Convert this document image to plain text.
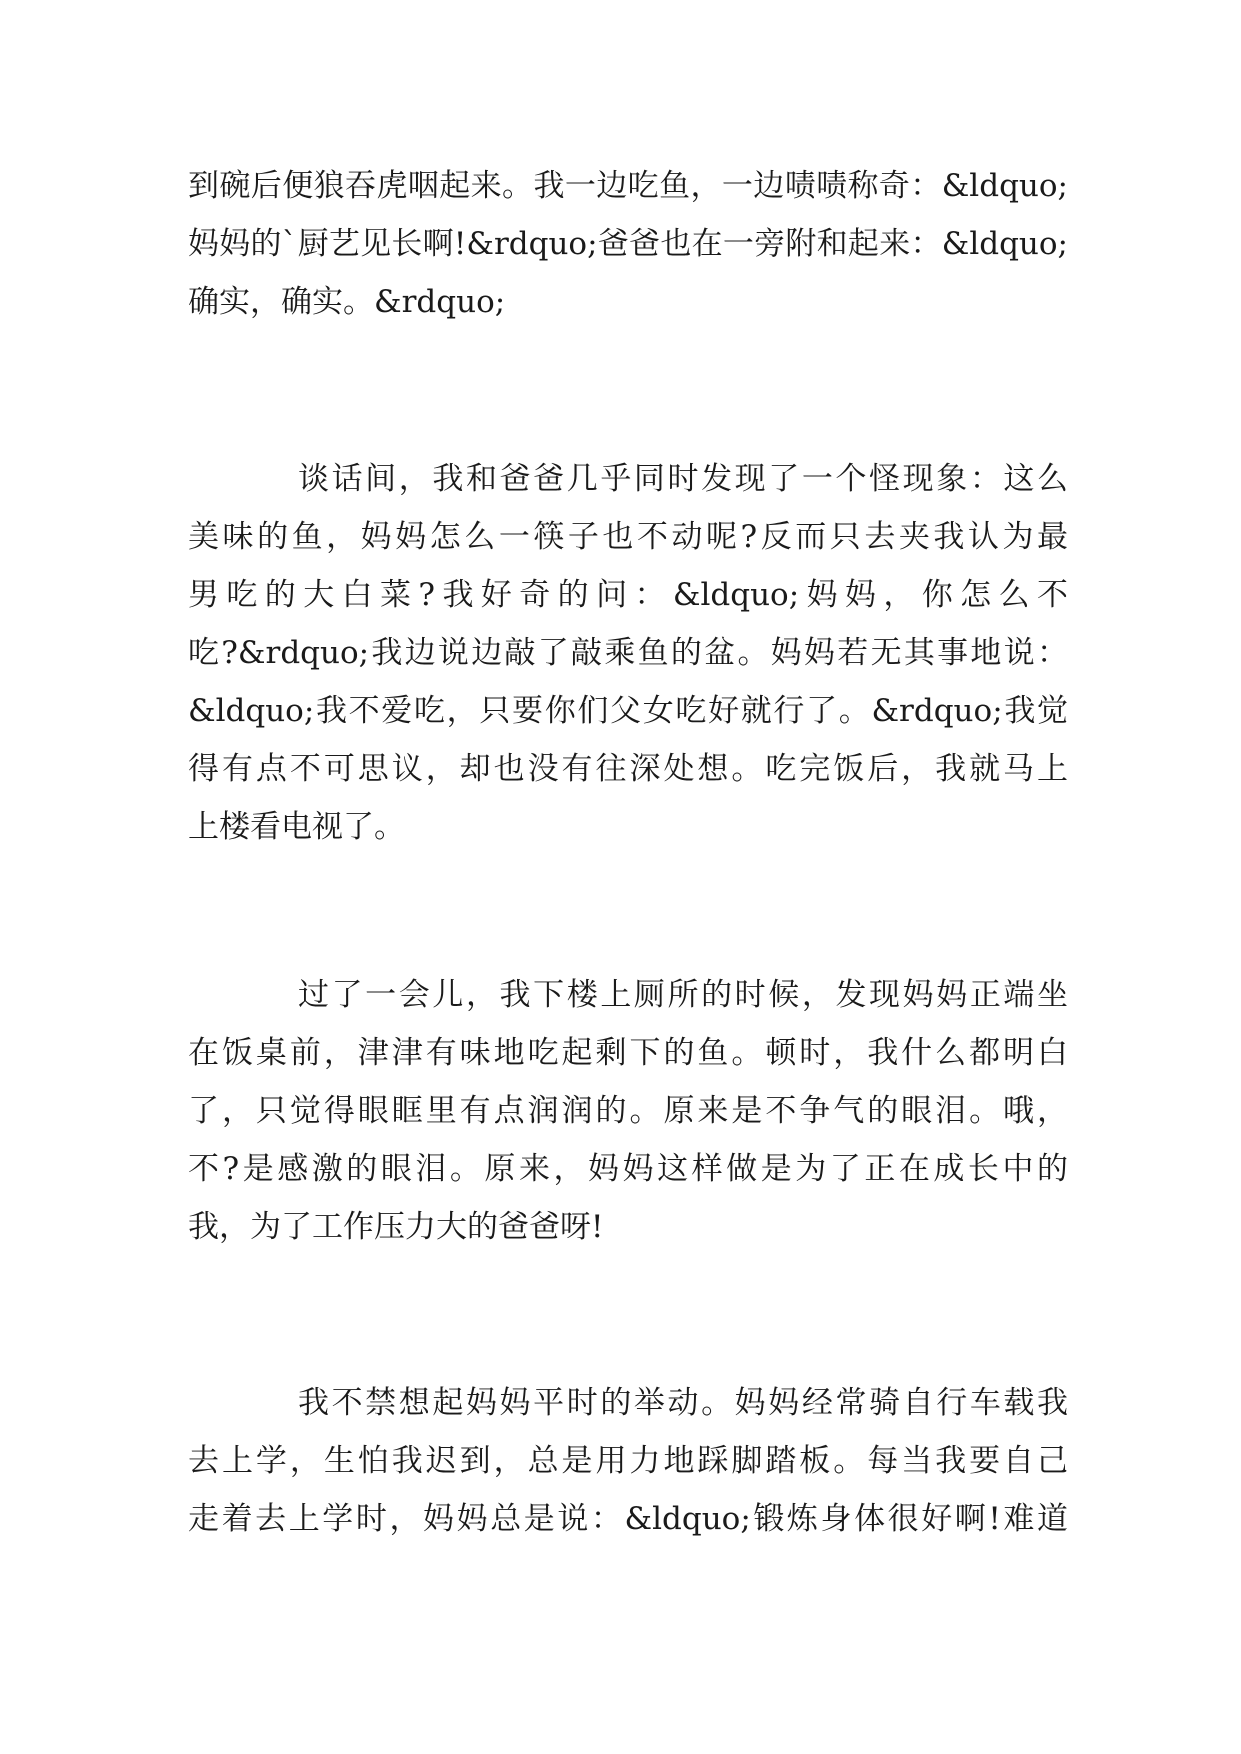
到碗后便狼吞虎咽起来。我一边吃鱼，一边啧啧称奇：&ldquo;
妈妈的`厨艺见长啊!&rdquo;爸爸也在一旁附和起来：&ldquo;
确实，确实。&rdquo;
谈话间，我和爸爸几乎同时发现了一个怪现象：这么
美味的鱼，妈妈怎么一筷子也不动呢?反而只去夹我认为最
男吃的大白菜?我好奇的问：&ldquo;妈妈，你怎么不
吃?&rdquo;我边说边敲了敲乘鱼的盆。妈妈若无其事地说：
&ldquo;我不爱吃，只要你们父女吃好就行了。&rdquo;我觉
得有点不可思议，却也没有往深处想。吃完饭后，我就马上
上楼看电视了。
过了一会儿，我下楼上厕所的时候，发现妈妈正端坐
在饭桌前，津津有味地吃起剩下的鱼。顿时，我什么都明白
了，只觉得眼眶里有点润润的。原来是不争气的眼泪。哦，
不?是感激的眼泪。原来，妈妈这样做是为了正在成长中的
我，为了工作压力大的爸爸呀!
我不禁想起妈妈平时的举动。妈妈经常骑自行车载我
去上学，生怕我迟到，总是用力地踩脚踏板。每当我要自己
走着去上学时，妈妈总是说：&ldquo;锻炼身体很好啊!难道
